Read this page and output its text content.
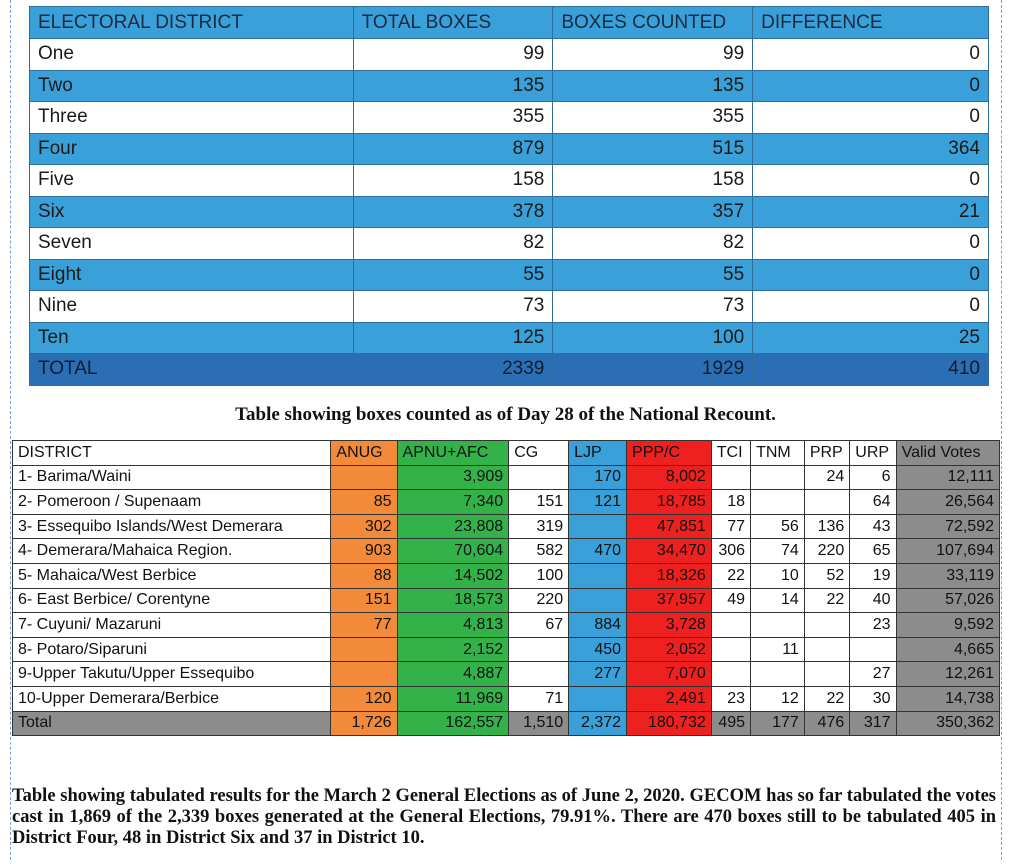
ELECTORAL DISTRICT	TOTAL BOXES	BOXES COUNTED	DIFFERENCE
One	99	99	0
Two	135	135	0
Three	355	355	0
Four	879	515	364
Five	158	158	0
Six	378	357	21
Seven	82	82	0
Eight	55	55	0
Nine	73	73	0
Ten	125	100	25
TOTAL	2339	1929	410
Table showing boxes counted as of Day 28 of the National Recount.
DISTRICT	ANUG	APNU+AFC	CG	LJP	PPP/C	TCI	TNM	PRP	URP	Valid Votes
1- Barima/Waini		3,909		170	8,002			24	6	12,111
2- Pomeroon / Supenaam	85	7,340	151	121	18,785	18			64	26,564
3- Essequibo Islands/West Demerara	302	23,808	319		47,851	77	56	136	43	72,592
4- Demerara/Mahaica Region.	903	70,604	582	470	34,470	306	74	220	65	107,694
5- Mahaica/West Berbice	88	14,502	100		18,326	22	10	52	19	33,119
6- East Berbice/ Corentyne	151	18,573	220		37,957	49	14	22	40	57,026
7- Cuyuni/ Mazaruni	77	4,813	67	884	3,728				23	9,592
8- Potaro/Siparuni		2,152		450	2,052		11			4,665
9-Upper Takutu/Upper Essequibo		4,887		277	7,070				27	12,261
10-Upper Demerara/Berbice	120	11,969	71		2,491	23	12	22	30	14,738
Total	1,726	162,557	1,510	2,372	180,732	495	177	476	317	350,362
Table showing tabulated results for the March 2 General Elections as of June 2, 2020. GECOM has so far tabulated the votes cast in 1,869 of the 2,339 boxes generated at the General Elections, 79.91%. There are 470 boxes still to be tabulated 405 in District Four, 48 in District Six and 37 in District 10.
